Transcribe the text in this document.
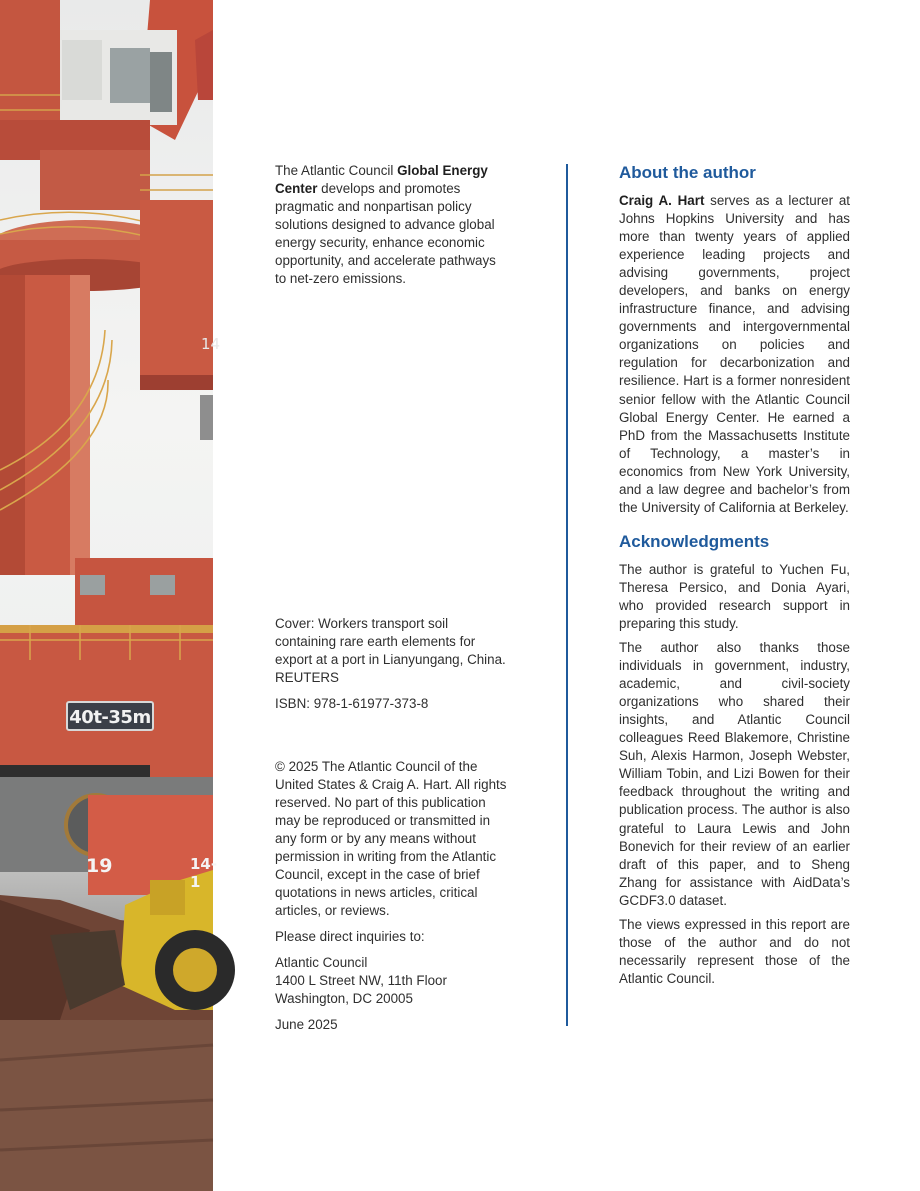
14
40t-35m
19	14-1

The Atlantic Council Global Energy Center develops and promotes pragmatic and nonpartisan policy solutions designed to advance global energy security, enhance economic opportunity, and accelerate pathways to net-zero emissions.

Cover: Workers transport soil containing rare earth elements for export at a port in Lianyungang, China. REUTERS

ISBN: 978-1-61977-373-8

© 2025 The Atlantic Council of the United States & Craig A. Hart. All rights reserved. No part of this publication may be reproduced or transmitted in any form or by any means without permission in writing from the Atlantic Council, except in the case of brief quotations in news articles, critical articles, or reviews.

Please direct inquiries to:

Atlantic Council
1400 L Street NW, 11th Floor
Washington, DC 20005

June 2025

About the author

Craig A. Hart serves as a lecturer at Johns Hopkins University and has more than twenty years of applied experience leading projects and advising governments, project developers, and banks on energy infrastructure finance, and advising governments and intergovernmental organizations on policies and regulation for decarbonization and resilience. Hart is a former nonresident senior fellow with the Atlantic Council Global Energy Center. He earned a PhD from the Massachusetts Institute of Technology, a master’s in economics from New York University, and a law degree and bachelor’s from the University of California at Berkeley.

Acknowledgments

The author is grateful to Yuchen Fu, Theresa Persico, and Donia Ayari, who provided research support in preparing this study.

The author also thanks those individuals in government, industry, academic, and civil-society organizations who shared their insights, and Atlantic Council colleagues Reed Blakemore, Christine Suh, Alexis Harmon, Joseph Webster, William Tobin, and Lizi Bowen for their feedback throughout the writing and publication process. The author is also grateful to Laura Lewis and John Bonevich for their review of an earlier draft of this paper, and to Sheng Zhang for assistance with AidData’s GCDF3.0 dataset.

The views expressed in this report are those of the author and do not necessarily represent those of the Atlantic Council.
